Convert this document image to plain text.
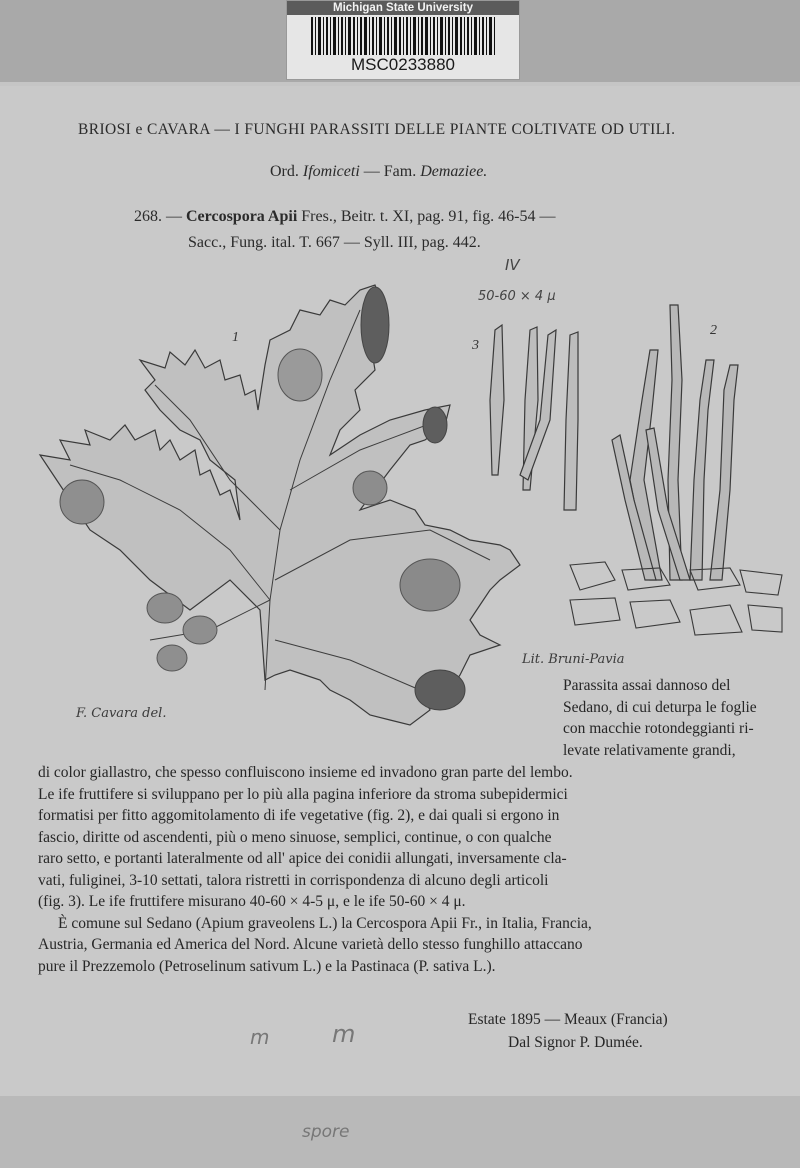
Michigan State University
MSC0233880
BRIOSI e CAVARA — I FUNGHI PARASSITI DELLE PIANTE COLTIVATE OD UTILI.
Ord. Ifomiceti — Fam. Demaziee.
268. — Cercospora Apii Fres., Beitr. t. XI, pag. 91, fig. 46-54 —
Sacc., Fung. ital. T. 667 — Syll. III, pag. 442.
IV
50-60 × 4 μ
1	2
3
F. Cavara del.
Lit. Bruni-Pavia
Parassita assai dannoso del
Sedano, di cui deturpa le foglie
con macchie rotondeggianti ri-
levate relativamente grandi,
di color giallastro, che spesso confluiscono insieme ed invadono gran parte del lembo.
Le ife fruttifere si sviluppano per lo più alla pagina inferiore da stroma subepidermici
formatisi per fitto aggomitolamento di ife vegetative (fig. 2), e dai quali si ergono in
fascio, diritte od ascendenti, più o meno sinuose, semplici, continue, o con qualche
raro setto, e portanti lateralmente od all' apice dei conidii allungati, inversamente cla-
vati, fuliginei, 3-10 settati, talora ristretti in corrispondenza di alcuno degli articoli
(fig. 3). Le ife fruttifere misurano 40-60 × 4-5 μ, e le ife 50-60 × 4 μ.
È comune sul Sedano (Apium graveolens L.) la Cercospora Apii Fr., in Italia, Francia,
Austria, Germania ed America del Nord. Alcune varietà dello stesso funghillo attaccano
pure il Prezzemolo (Petroselinum sativum L.) e la Pastinaca (P. sativa L.).
Estate 1895 — Meaux (Francia)
Dal Signor P. Dumée.
m	m
spore
